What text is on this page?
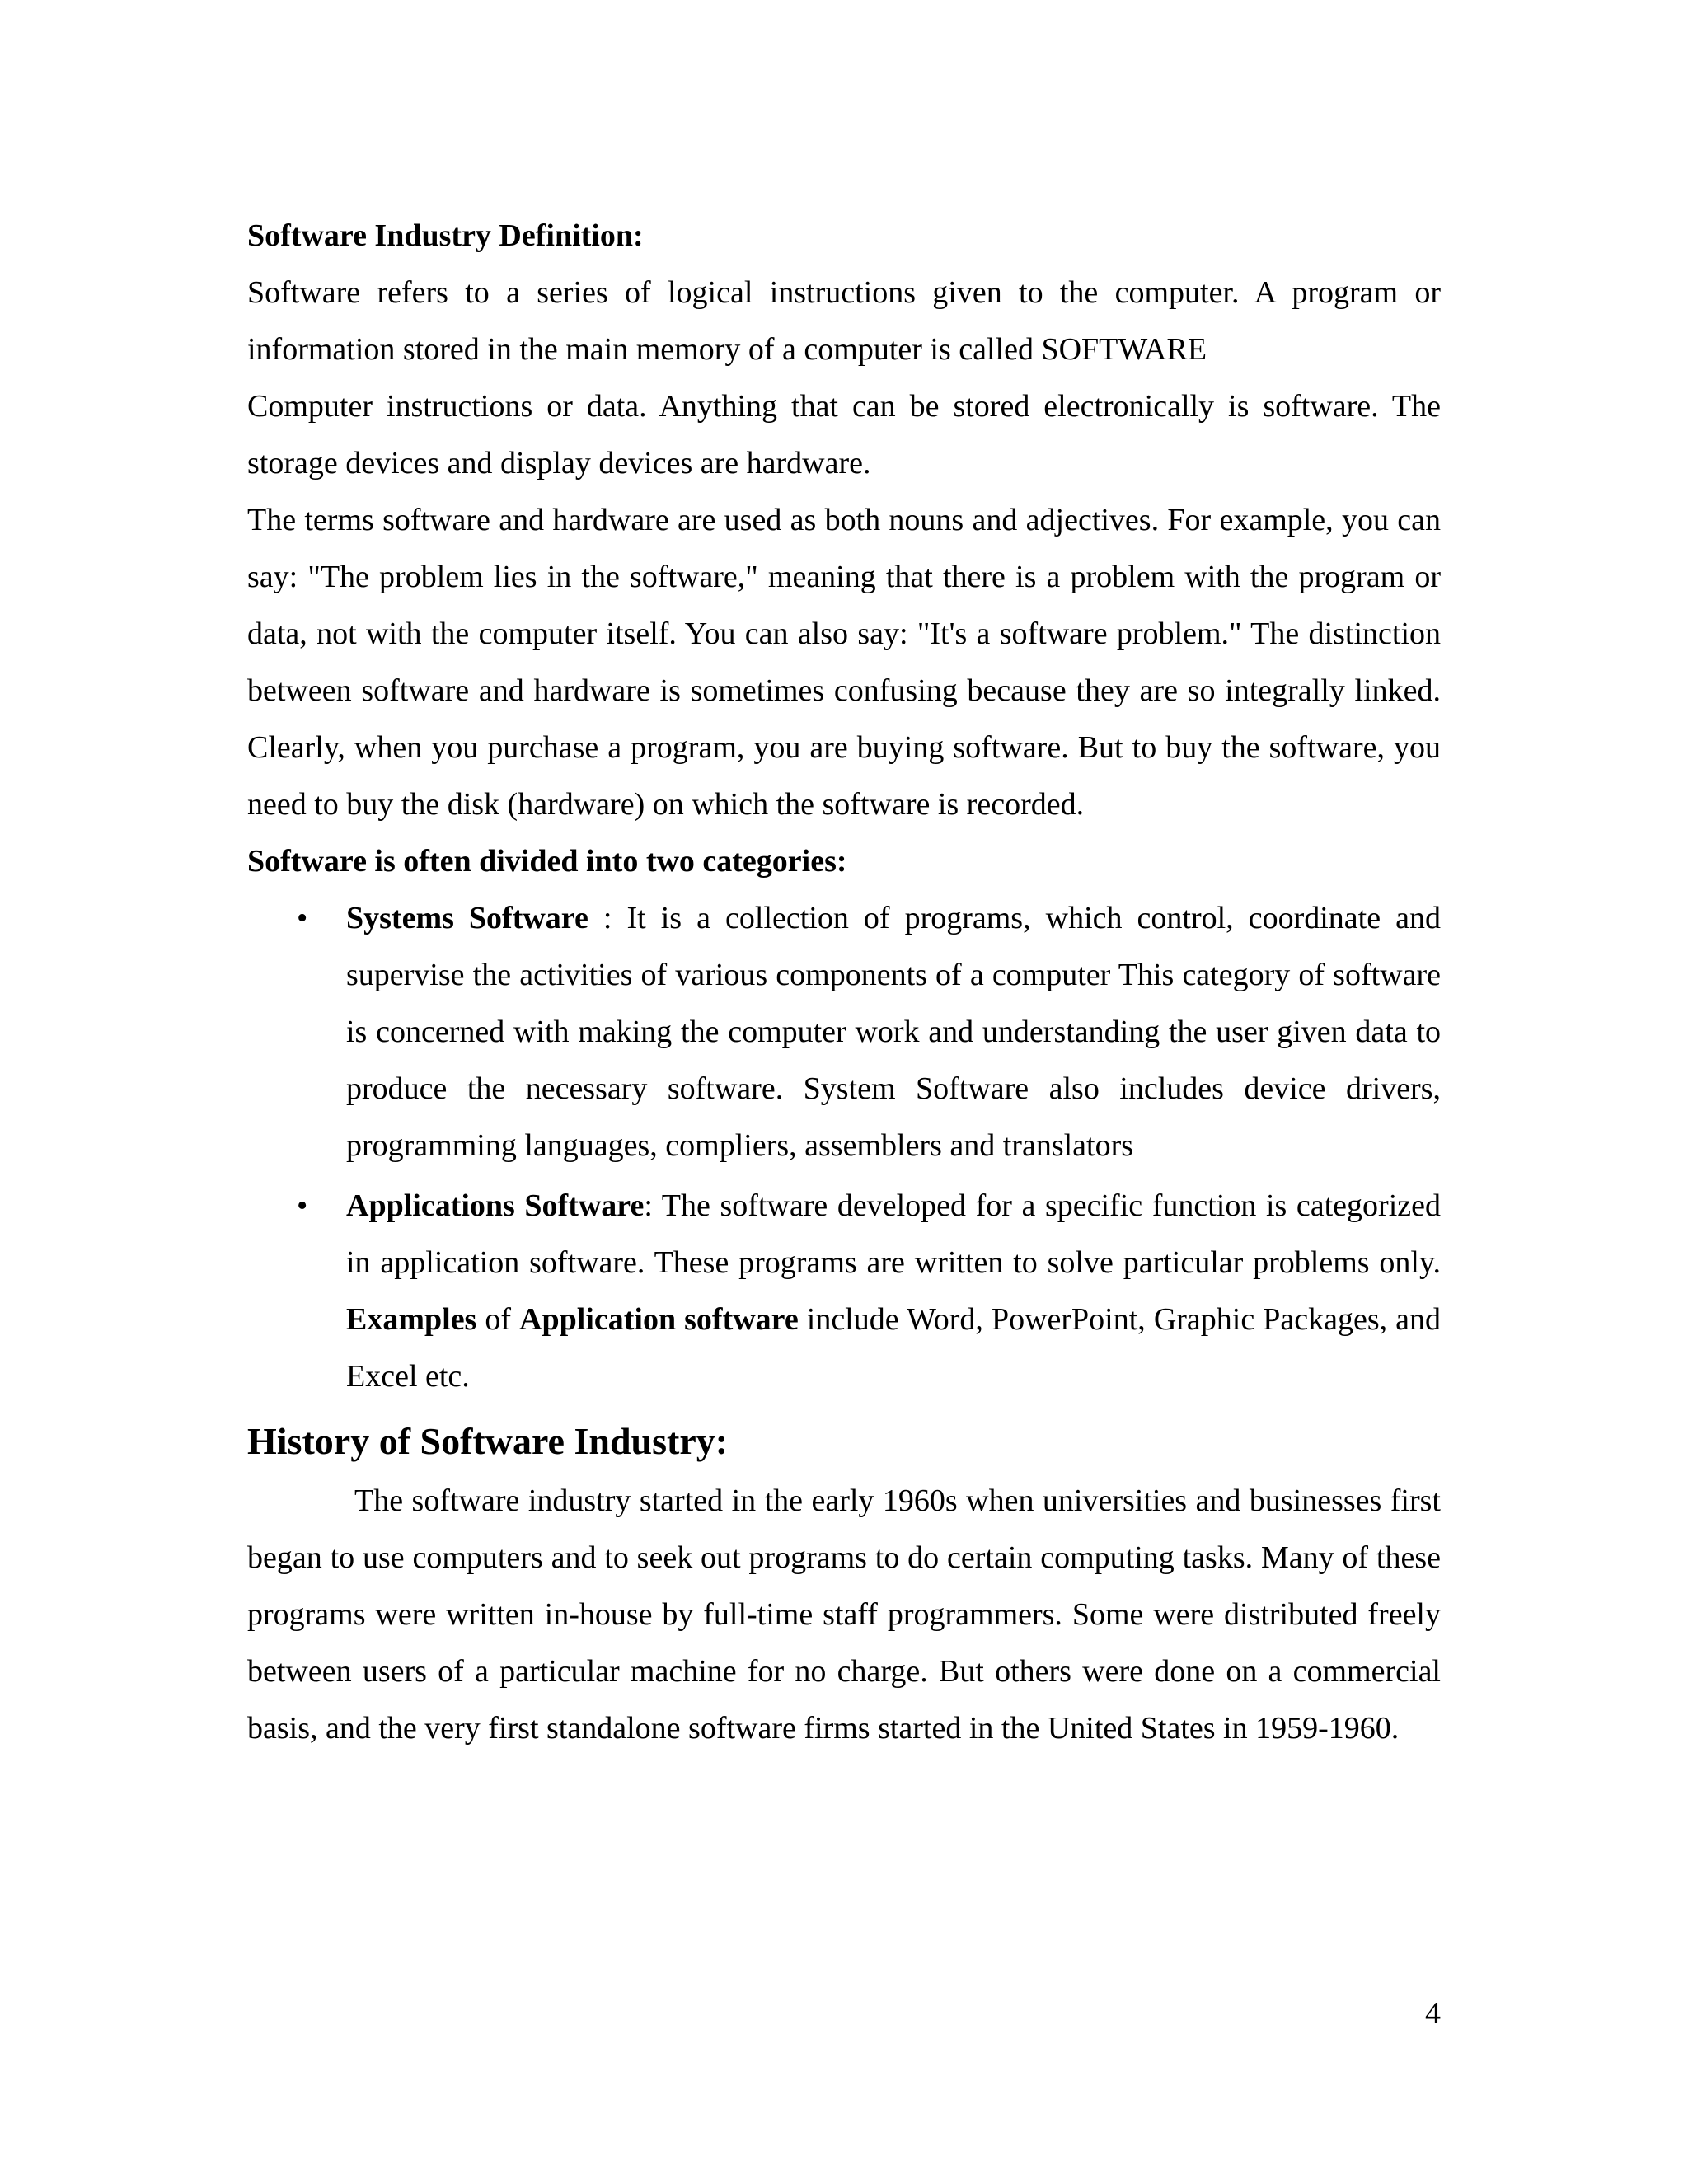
Software Industry Definition:

Software refers to a series of logical instructions given to the computer. A program or information stored in the main memory of a computer is called SOFTWARE

Computer instructions or data. Anything that can be stored electronically is software. The storage devices and display devices are hardware.

The terms software and hardware are used as both nouns and adjectives. For example, you can say: "The problem lies in the software," meaning that there is a problem with the program or data, not with the computer itself. You can also say: "It's a software problem." The distinction between software and hardware is sometimes confusing because they are so integrally linked. Clearly, when you purchase a program, you are buying software. But to buy the software, you need to buy the disk (hardware) on which the software is recorded.

Software is often divided into two categories:

• Systems Software : It is a collection of programs, which control, coordinate and supervise the activities of various components of a computer This category of software is concerned with making the computer work and understanding the user given data to produce the necessary software. System Software also includes device drivers, programming languages, compliers, assemblers and translators
• Applications Software: The software developed for a specific function is categorized in application software. These programs are written to solve particular problems only. Examples of Application software include Word, PowerPoint, Graphic Packages, and Excel etc.

History of Software Industry:

The software industry started in the early 1960s when universities and businesses first began to use computers and to seek out programs to do certain computing tasks. Many of these programs were written in-house by full-time staff programmers. Some were distributed freely between users of a particular machine for no charge. But others were done on a commercial basis, and the very first standalone software firms started in the United States in 1959-1960.

4
